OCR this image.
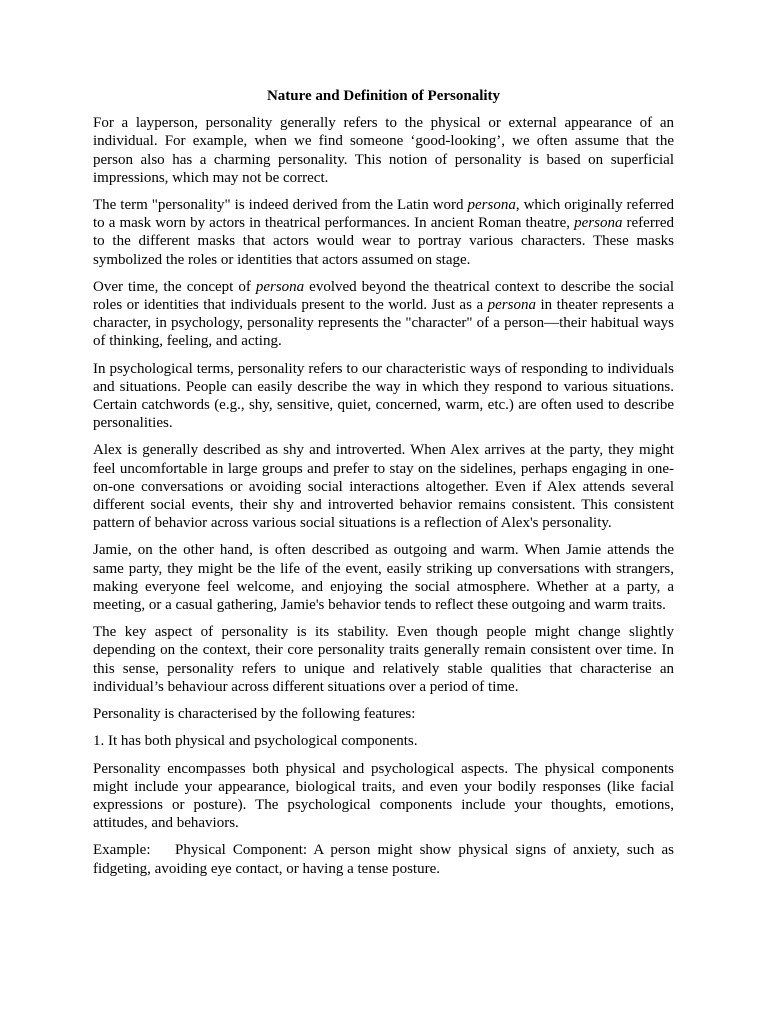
Nature and Definition of Personality

For a layperson, personality generally refers to the physical or external appearance of an individual. For example, when we find someone ‘good-looking’, we often assume that the person also has a charming personality. This notion of personality is based on superficial impressions, which may not be correct.

The term "personality" is indeed derived from the Latin word persona, which originally referred to a mask worn by actors in theatrical performances. In ancient Roman theatre, persona referred to the different masks that actors would wear to portray various characters. These masks symbolized the roles or identities that actors assumed on stage.

Over time, the concept of persona evolved beyond the theatrical context to describe the social roles or identities that individuals present to the world. Just as a persona in theater represents a character, in psychology, personality represents the "character" of a person—their habitual ways of thinking, feeling, and acting.

In psychological terms, personality refers to our characteristic ways of responding to individuals and situations. People can easily describe the way in which they respond to various situations. Certain catchwords (e.g., shy, sensitive, quiet, concerned, warm, etc.) are often used to describe personalities.

Alex is generally described as shy and introverted. When Alex arrives at the party, they might feel uncomfortable in large groups and prefer to stay on the sidelines, perhaps engaging in one-on-one conversations or avoiding social interactions altogether. Even if Alex attends several different social events, their shy and introverted behavior remains consistent. This consistent pattern of behavior across various social situations is a reflection of Alex's personality.

Jamie, on the other hand, is often described as outgoing and warm. When Jamie attends the same party, they might be the life of the event, easily striking up conversations with strangers, making everyone feel welcome, and enjoying the social atmosphere. Whether at a party, a meeting, or a casual gathering, Jamie's behavior tends to reflect these outgoing and warm traits.

The key aspect of personality is its stability. Even though people might change slightly depending on the context, their core personality traits generally remain consistent over time. In this sense, personality refers to unique and relatively stable qualities that characterise an individual’s behaviour across different situations over a period of time.

Personality is characterised by the following features:

1. It has both physical and psychological components.

Personality encompasses both physical and psychological aspects. The physical components might include your appearance, biological traits, and even your bodily responses (like facial expressions or posture). The psychological components include your thoughts, emotions, attitudes, and behaviors.

Example: Physical Component: A person might show physical signs of anxiety, such as fidgeting, avoiding eye contact, or having a tense posture.
